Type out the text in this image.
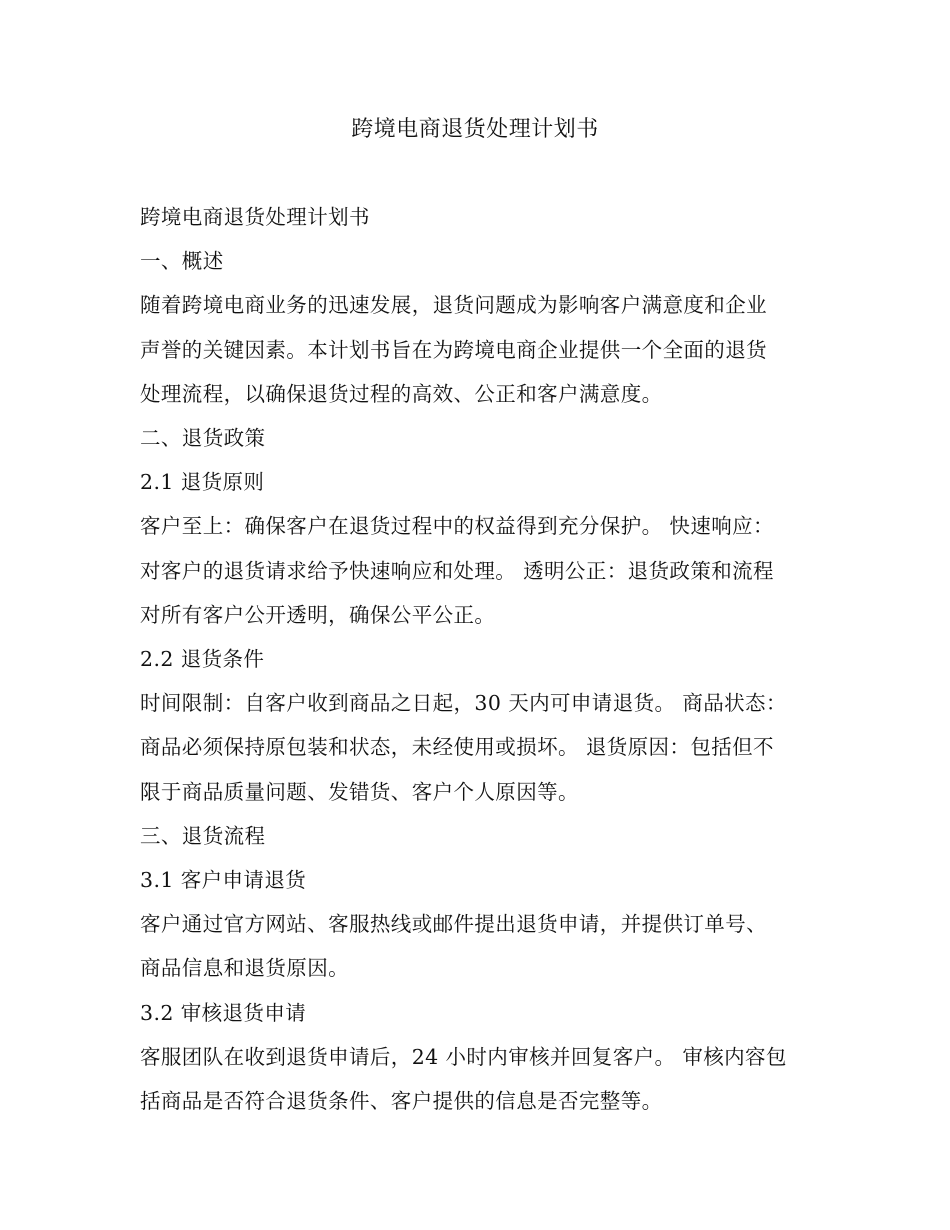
跨境电商退货处理计划书
跨境电商退货处理计划书
一、概述
随着跨境电商业务的迅速发展，退货问题成为影响客户满意度和企业
声誉的关键因素。本计划书旨在为跨境电商企业提供一个全面的退货
处理流程，以确保退货过程的高效、公正和客户满意度。
二、退货政策
2.1 退货原则
客户至上：确保客户在退货过程中的权益得到充分保护。 快速响应：
对客户的退货请求给予快速响应和处理。 透明公正：退货政策和流程
对所有客户公开透明，确保公平公正。
2.2 退货条件
时间限制：自客户收到商品之日起，30 天内可申请退货。 商品状态：
商品必须保持原包装和状态，未经使用或损坏。 退货原因：包括但不
限于商品质量问题、发错货、客户个人原因等。
三、退货流程
3.1 客户申请退货
客户通过官方网站、客服热线或邮件提出退货申请，并提供订单号、
商品信息和退货原因。
3.2 审核退货申请
客服团队在收到退货申请后，24 小时内审核并回复客户。 审核内容包
括商品是否符合退货条件、客户提供的信息是否完整等。
